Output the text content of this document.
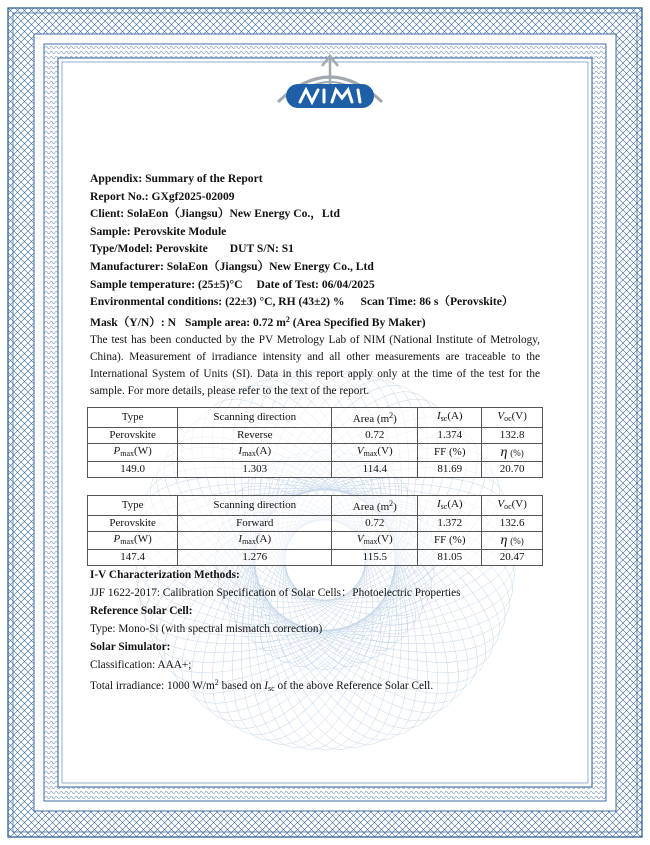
Appendix: Summary of the Report
Report No.: GXgf2025-02009
Client: SolaEon（Jiangsu）New Energy Co.，Ltd
Sample: Perovskite Module
Type/Model: Perovskite DUT S/N: S1
Manufacturer: SolaEon（Jiangsu）New Energy Co., Ltd
Sample temperature: (25±5)°C Date of Test: 06/04/2025
Environmental conditions: (22±3) °C, RH (43±2) % Scan Time: 86 s（Perovskite）
Mask（Y/N）: N Sample area: 0.72 $m^2$ (Area Specified By Maker)
The test has been conducted by the PV Metrology Lab of NIM (National Institute of Metrology, China). Measurement of irradiance intensity and all other measurements are traceable to the International System of Units (SI). Data in this report apply only at the time of the test for the sample. For more details, please refer to the text of the report.
Type	Scanning direction	Area $(m^2)$	$I_{sc}(A)$	$V_{oc}(V)$
Perovskite	Reverse	0.72	1.374	132.8
$P_{max}(W)$	$I_{max}(A)$	$V_{max}(V)$	FF (%)	η (%)
149.0	1.303	114.4	81.69	20.70
Type	Scanning direction	Area $(m^2)$	$I_{sc}(A)$	$V_{oc}(V)$
Perovskite	Forward	0.72	1.372	132.6
$P_{max}(W)$	$I_{max}(A)$	$V_{max}(V)$	FF (%)	η (%)
147.4	1.276	115.5	81.05	20.47
I-V Characterization Methods:
JJF 1622-2017: Calibration Specification of Solar Cells：Photoelectric Properties
Reference Solar Cell:
Type: Mono-Si (with spectral mismatch correction)
Solar Simulator:
Classification: AAA+;
Total irradiance: 1000 $W/m^2$ based on $I_{sc}$ of the above Reference Solar Cell.
